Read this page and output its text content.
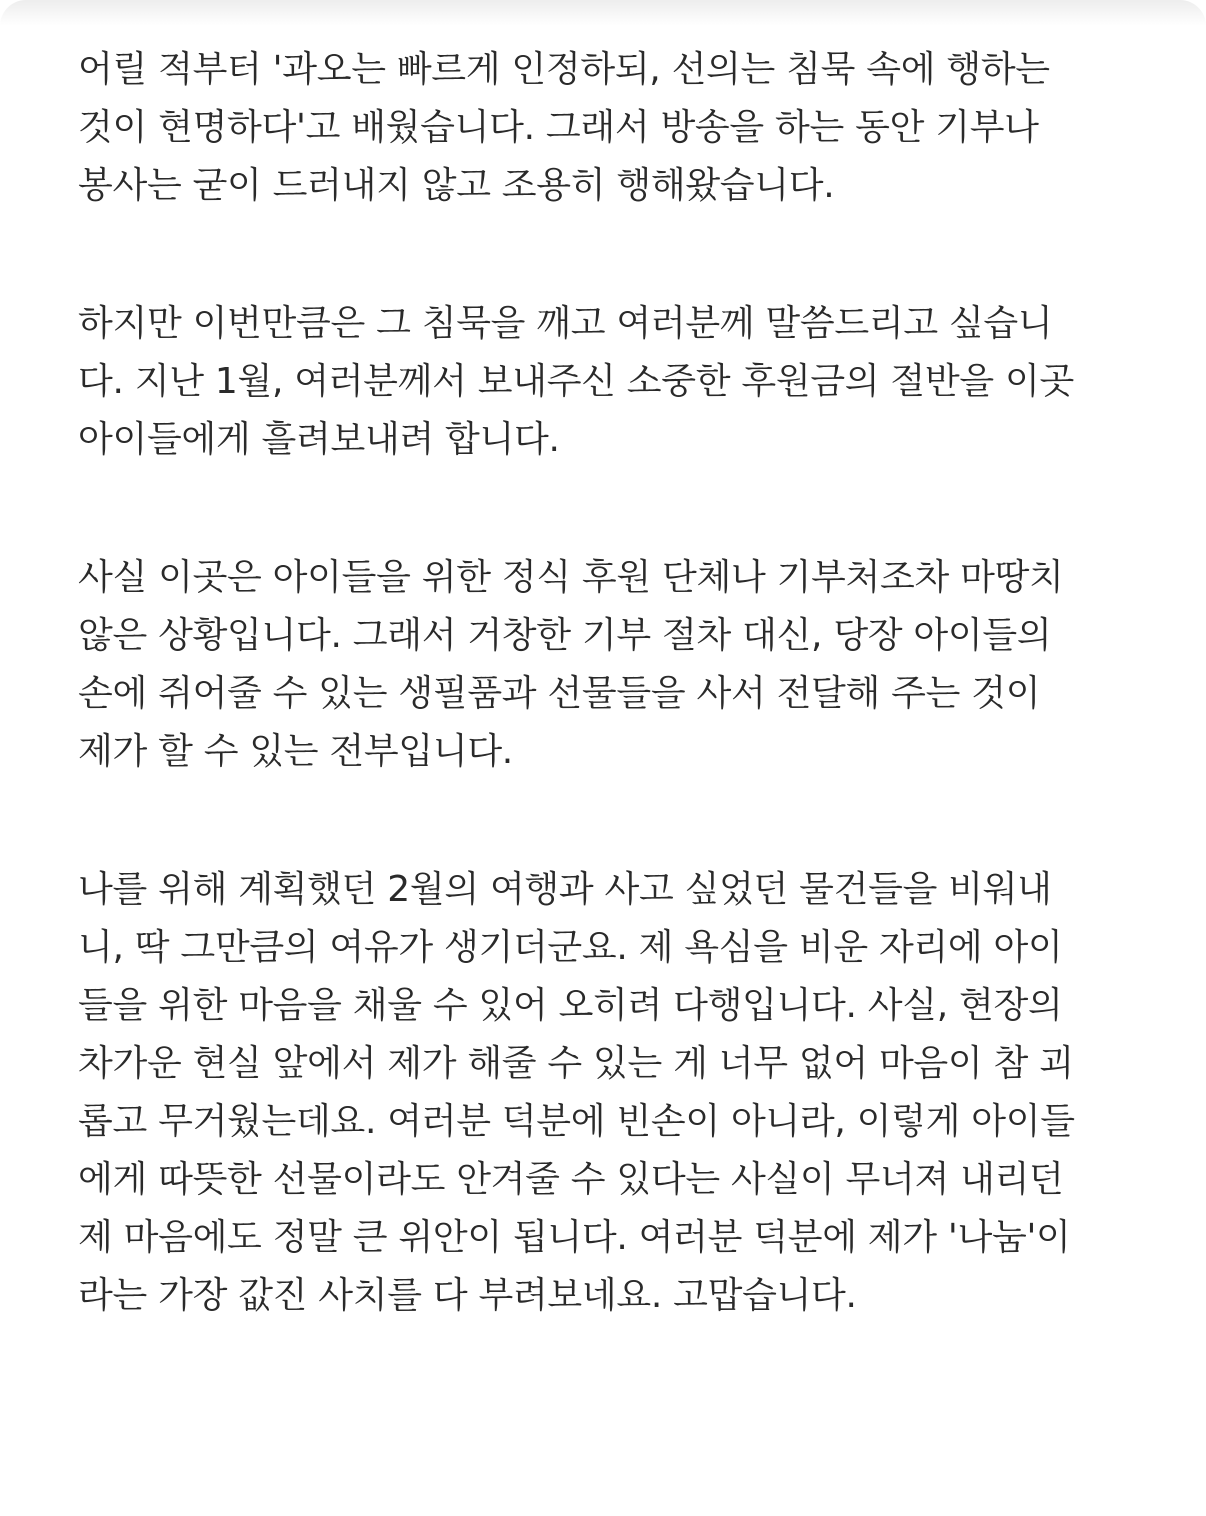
어릴 적부터 '과오는 빠르게 인정하되, 선의는 침묵 속에 행하는
것이 현명하다'고 배웠습니다. 그래서 방송을 하는 동안 기부나
봉사는 굳이 드러내지 않고 조용히 행해왔습니다.
하지만 이번만큼은 그 침묵을 깨고 여러분께 말씀드리고 싶습니
다. 지난 1월, 여러분께서 보내주신 소중한 후원금의 절반을 이곳
아이들에게 흘려보내려 합니다.
사실 이곳은 아이들을 위한 정식 후원 단체나 기부처조차 마땅치
않은 상황입니다. 그래서 거창한 기부 절차 대신, 당장 아이들의
손에 쥐어줄 수 있는 생필품과 선물들을 사서 전달해 주는 것이
제가 할 수 있는 전부입니다.
나를 위해 계획했던 2월의 여행과 사고 싶었던 물건들을 비워내
니, 딱 그만큼의 여유가 생기더군요. 제 욕심을 비운 자리에 아이
들을 위한 마음을 채울 수 있어 오히려 다행입니다. 사실, 현장의
차가운 현실 앞에서 제가 해줄 수 있는 게 너무 없어 마음이 참 괴
롭고 무거웠는데요. 여러분 덕분에 빈손이 아니라, 이렇게 아이들
에게 따뜻한 선물이라도 안겨줄 수 있다는 사실이 무너져 내리던
제 마음에도 정말 큰 위안이 됩니다. 여러분 덕분에 제가 '나눔'이
라는 가장 값진 사치를 다 부려보네요. 고맙습니다.
